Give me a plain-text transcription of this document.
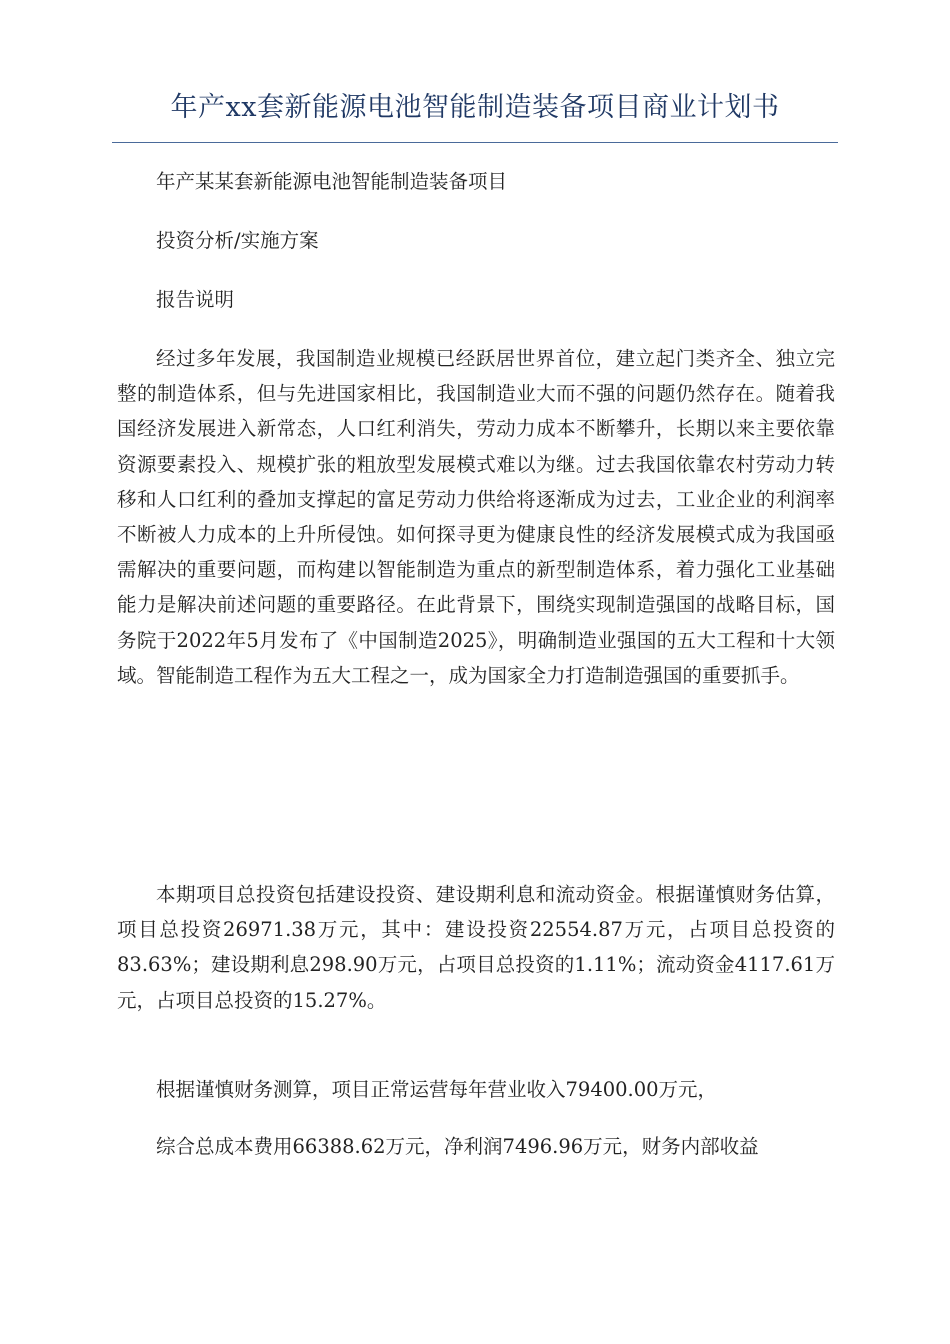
年产xx套新能源电池智能制造装备项目商业计划书

年产某某套新能源电池智能制造装备项目

投资分析/实施方案

报告说明

经过多年发展，我国制造业规模已经跃居世界首位，建立起门类齐全、独立完整的制造体系，但与先进国家相比，我国制造业大而不强的问题仍然存在。随着我国经济发展进入新常态，人口红利消失，劳动力成本不断攀升，长期以来主要依靠资源要素投入、规模扩张的粗放型发展模式难以为继。过去我国依靠农村劳动力转移和人口红利的叠加支撑起的富足劳动力供给将逐渐成为过去，工业企业的利润率不断被人力成本的上升所侵蚀。如何探寻更为健康良性的经济发展模式成为我国亟需解决的重要问题，而构建以智能制造为重点的新型制造体系，着力强化工业基础能力是解决前述问题的重要路径。在此背景下，围绕实现制造强国的战略目标，国务院于2022年5月发布了《中国制造2025》，明确制造业强国的五大工程和十大领域。智能制造工程作为五大工程之一，成为国家全力打造制造强国的重要抓手。

本期项目总投资包括建设投资、建设期利息和流动资金。根据谨慎财务估算，项目总投资26971.38万元，其中：建设投资22554.87万元，占项目总投资的83.63%；建设期利息298.90万元，占项目总投资的1.11%；流动资金4117.61万元，占项目总投资的15.27%。

根据谨慎财务测算，项目正常运营每年营业收入79400.00万元，

综合总成本费用66388.62万元，净利润7496.96万元，财务内部收益
